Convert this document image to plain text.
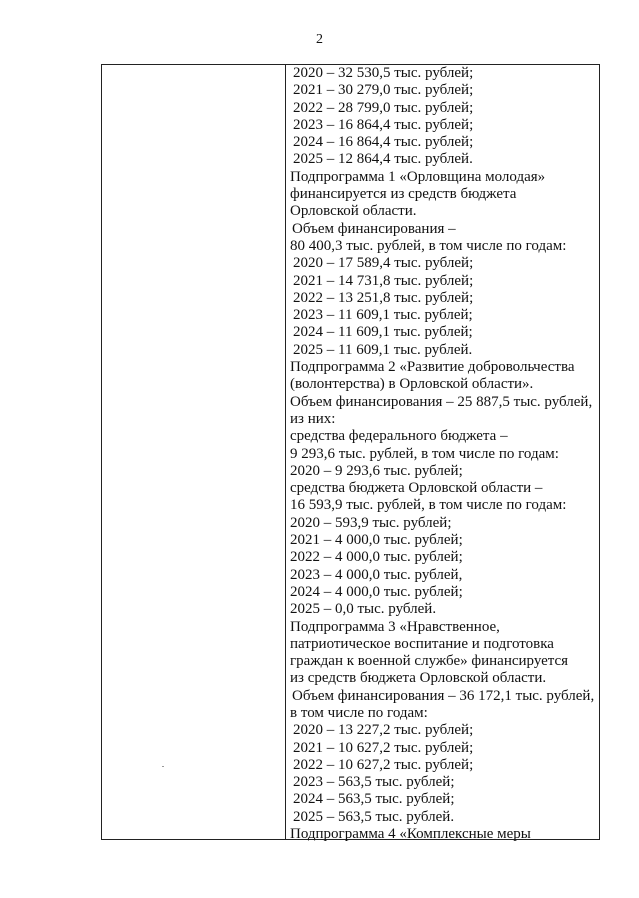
2
2020 – 32 530,5 тыс. рублей;
2021 – 30 279,0 тыс. рублей;
2022 – 28 799,0 тыс. рублей;
2023 – 16 864,4 тыс. рублей;
2024 – 16 864,4 тыс. рублей;
2025 – 12 864,4 тыс. рублей.
Подпрограмма 1 «Орловщина молодая»
финансируется из средств бюджета
Орловской области.
Объем финансирования –
80 400,3 тыс. рублей, в том числе по годам:
2020 – 17 589,4 тыс. рублей;
2021 – 14 731,8 тыс. рублей;
2022 – 13 251,8 тыс. рублей;
2023 – 11 609,1 тыс. рублей;
2024 – 11 609,1 тыс. рублей;
2025 – 11 609,1 тыс. рублей.
Подпрограмма 2 «Развитие добровольчества
(волонтерства) в Орловской области».
Объем финансирования – 25 887,5 тыс. рублей,
из них:
средства федерального бюджета –
9 293,6 тыс. рублей, в том числе по годам:
2020 – 9 293,6 тыс. рублей;
средства бюджета Орловской области –
16 593,9 тыс. рублей, в том числе по годам:
2020 – 593,9 тыс. рублей;
2021 – 4 000,0 тыс. рублей;
2022 – 4 000,0 тыс. рублей;
2023 – 4 000,0 тыс. рублей,
2024 – 4 000,0 тыс. рублей;
2025 – 0,0 тыс. рублей.
Подпрограмма 3 «Нравственное,
патриотическое воспитание и подготовка
граждан к военной службе» финансируется
из средств бюджета Орловской области.
Объем финансирования – 36 172,1 тыс. рублей,
в том числе по годам:
2020 – 13 227,2 тыс. рублей;
2021 – 10 627,2 тыс. рублей;
2022 – 10 627,2 тыс. рублей;
2023 – 563,5 тыс. рублей;
2024 – 563,5 тыс. рублей;
2025 – 563,5 тыс. рублей.
Подпрограмма 4 «Комплексные меры
